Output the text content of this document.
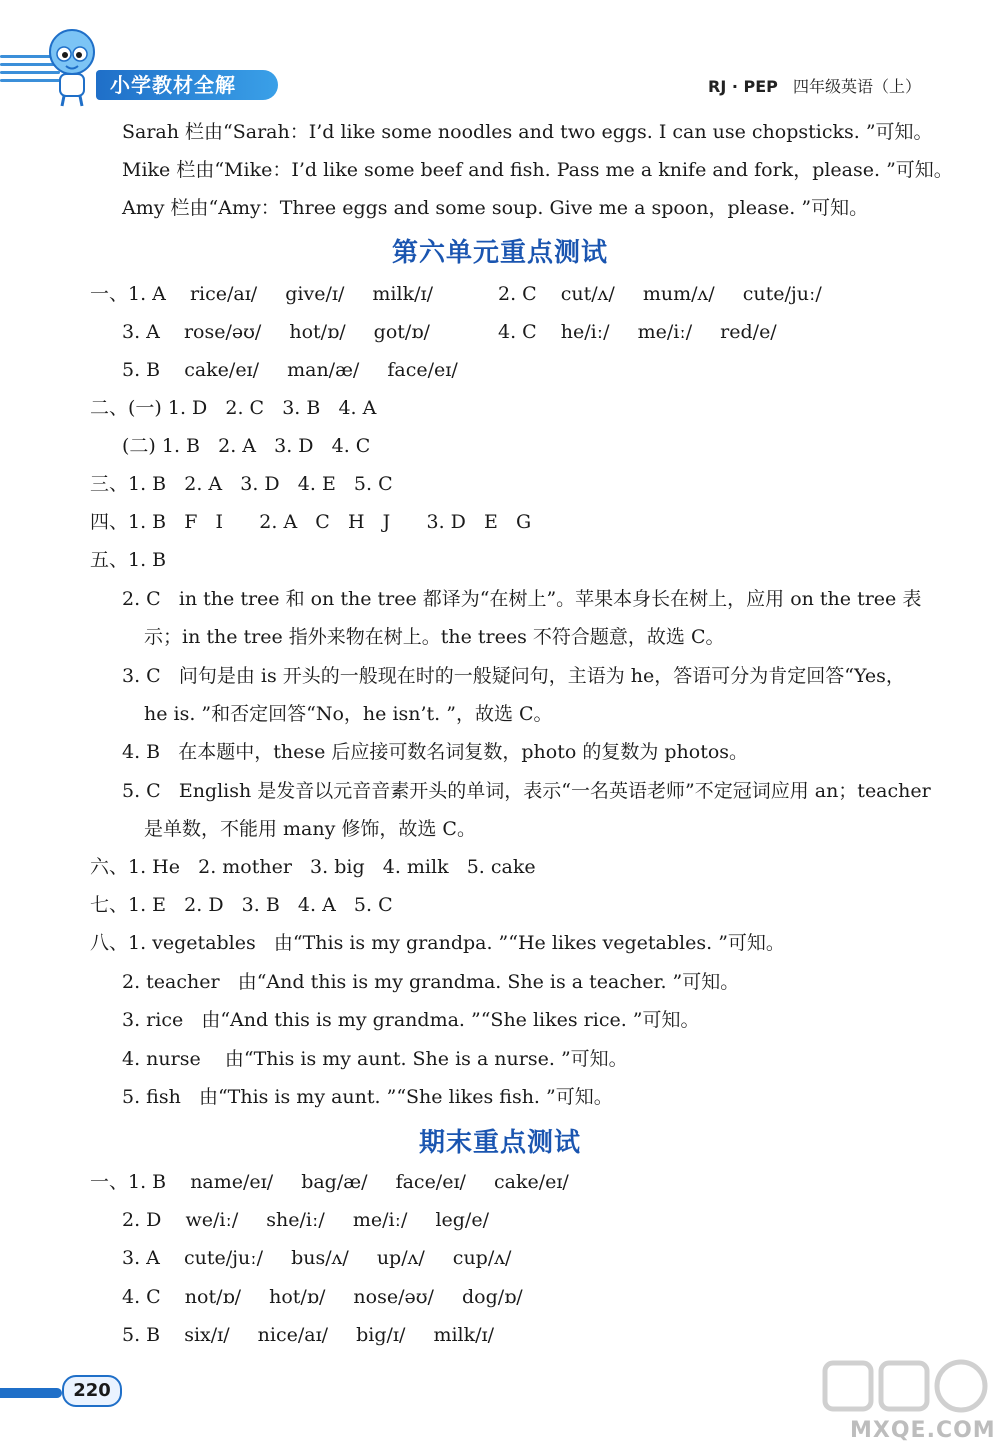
小学教材全解	RJ · PEP 四年级英语（上）
Sarah 栏由“Sarah：I’d like some noodles and two eggs. I can use chopsticks. ”可知。
Mike 栏由“Mike：I’d like some beef and fish. Pass me a knife and fork，please. ”可知。
Amy 栏由“Amy：Three eggs and some soup. Give me a spoon，please. ”可知。
第六单元重点测试
一、1. A rice/aɪ/ give/ɪ/ milk/ɪ/	2. C cut/ʌ/ mum/ʌ/ cute/juː/
3. A rose/əʊ/ hot/ɒ/ got/ɒ/	4. C he/iː/ me/iː/ red/e/
5. B cake/eɪ/ man/æ/ face/eɪ/
二、(一) 1. D   2. C   3. B   4. A
(二) 1. B   2. A   3. D   4. C
三、1. B   2. A   3. D   4. E   5. C
四、1. B   F   I      2. A   C   H   J      3. D   E   G
五、1. B
2. C   in the tree 和 on the tree 都译为“在树上”。苹果本身长在树上，应用 on the tree 表
示；in the tree 指外来物在树上。the trees 不符合题意，故选 C。
3. C   问句是由 is 开头的一般现在时的一般疑问句，主语为 he，答语可分为肯定回答“Yes，
he is. ”和否定回答“No，he isn’t. ”，故选 C。
4. B   在本题中，these 后应接可数名词复数，photo 的复数为 photos。
5. C   English 是发音以元音音素开头的单词，表示“一名英语老师”不定冠词应用 an；teacher
是单数，不能用 many 修饰，故选 C。
六、1. He   2. mother   3. big   4. milk   5. cake
七、1. E   2. D   3. B   4. A   5. C
八、1. vegetables   由“This is my grandpa. ”“He likes vegetables. ”可知。
2. teacher   由“And this is my grandma. She is a teacher. ”可知。
3. rice   由“And this is my grandma. ”“She likes rice. ”可知。
4. nurse    由“This is my aunt. She is a nurse. ”可知。
5. fish   由“This is my aunt. ”“She likes fish. ”可知。
期末重点测试
一、1. B name/eɪ/ bag/æ/ face/eɪ/ cake/eɪ/
2. D we/iː/ she/iː/ me/iː/ leg/e/
3. A cute/juː/ bus/ʌ/ up/ʌ/ cup/ʌ/
4. C not/ɒ/ hot/ɒ/ nose/əʊ/ dog/ɒ/
5. B six/ɪ/ nice/aɪ/ big/ɪ/ milk/ɪ/
220
MXQE.COM
